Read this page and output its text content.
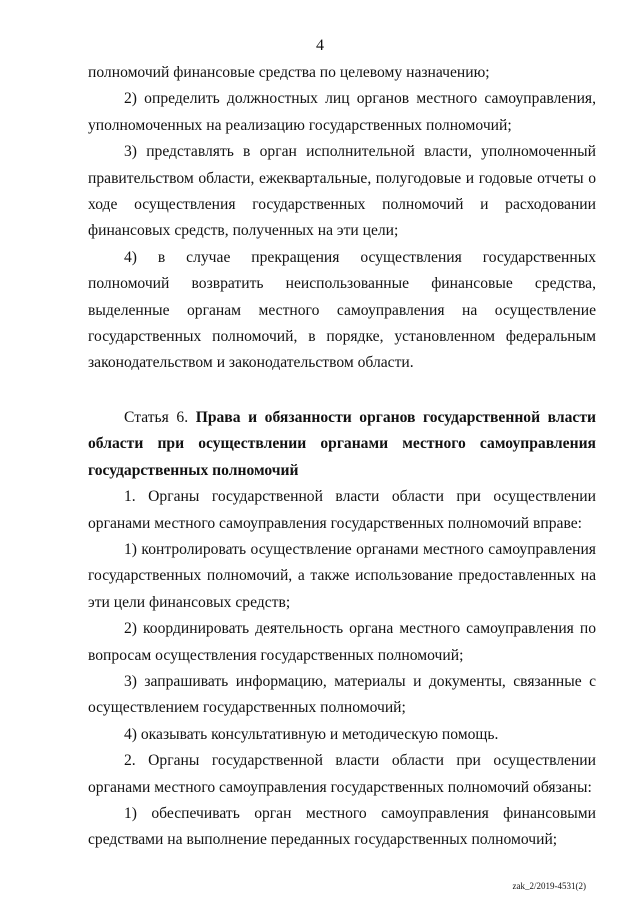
4

полномочий финансовые средства по целевому назначению;

2) определить должностных лиц органов местного самоуправления, уполномоченных на реализацию государственных полномочий;

3) представлять в орган исполнительной власти, уполномоченный правительством области, ежеквартальные, полугодовые и годовые отчеты о ходе осуществления государственных полномочий и расходовании финансовых средств, полученных на эти цели;

4) в случае прекращения осуществления государственных полномочий возвратить неиспользованные финансовые средства, выделенные органам местного самоуправления на осуществление государственных полномочий, в порядке, установленном федеральным законодательством и законодательством области.

Статья 6. Права и обязанности органов государственной власти области при осуществлении органами местного самоуправления государственных полномочий

1. Органы государственной власти области при осуществлении органами местного самоуправления государственных полномочий вправе:

1) контролировать осуществление органами местного самоуправления государственных полномочий, а также использование предоставленных на эти цели финансовых средств;

2) координировать деятельность органа местного самоуправления по вопросам осуществления государственных полномочий;

3) запрашивать информацию, материалы и документы, связанные с осуществлением государственных полномочий;

4) оказывать консультативную и методическую помощь.

2. Органы государственной власти области при осуществлении органами местного самоуправления государственных полномочий обязаны:

1) обеспечивать орган местного самоуправления финансовыми средствами на выполнение переданных государственных полномочий;

zak_2/2019-4531(2)
